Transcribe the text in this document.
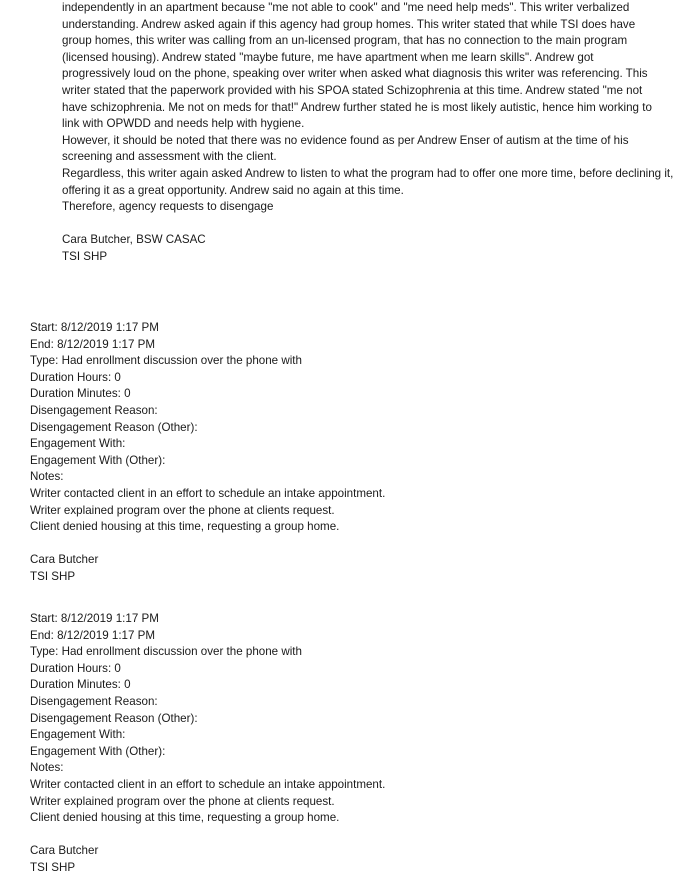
independently in an apartment because "me not able to cook" and "me need help meds". This writer verbalized
understanding. Andrew asked again if this agency had group homes. This writer stated that while TSI does have
group homes, this writer was calling from an un-licensed program, that has no connection to the main program
(licensed housing). Andrew stated "maybe future, me have apartment when me learn skills". Andrew got
progressively loud on the phone, speaking over writer when asked what diagnosis this writer was referencing. This
writer stated that the paperwork provided with his SPOA stated Schizophrenia at this time. Andrew stated "me not
have schizophrenia. Me not on meds for that!" Andrew further stated he is most likely autistic, hence him working to
link with OPWDD and needs help with hygiene.
However, it should be noted that there was no evidence found as per Andrew Enser of autism at the time of his
screening and assessment with the client.
Regardless, this writer again asked Andrew to listen to what the program had to offer one more time, before declining it,
offering it as a great opportunity. Andrew said no again at this time.
Therefore, agency requests to disengage
Cara Butcher, BSW CASAC
TSI SHP
Start: 8/12/2019 1:17 PM
End: 8/12/2019 1:17 PM
Type: Had enrollment discussion over the phone with
Duration Hours: 0
Duration Minutes: 0
Disengagement Reason:
Disengagement Reason (Other):
Engagement With:
Engagement With (Other):
Notes:
Writer contacted client in an effort to schedule an intake appointment.
Writer explained program over the phone at clients request.
Client denied housing at this time, requesting a group home.
Cara Butcher
TSI SHP
Start: 8/12/2019 1:17 PM
End: 8/12/2019 1:17 PM
Type: Had enrollment discussion over the phone with
Duration Hours: 0
Duration Minutes: 0
Disengagement Reason:
Disengagement Reason (Other):
Engagement With:
Engagement With (Other):
Notes:
Writer contacted client in an effort to schedule an intake appointment.
Writer explained program over the phone at clients request.
Client denied housing at this time, requesting a group home.
Cara Butcher
TSI SHP
